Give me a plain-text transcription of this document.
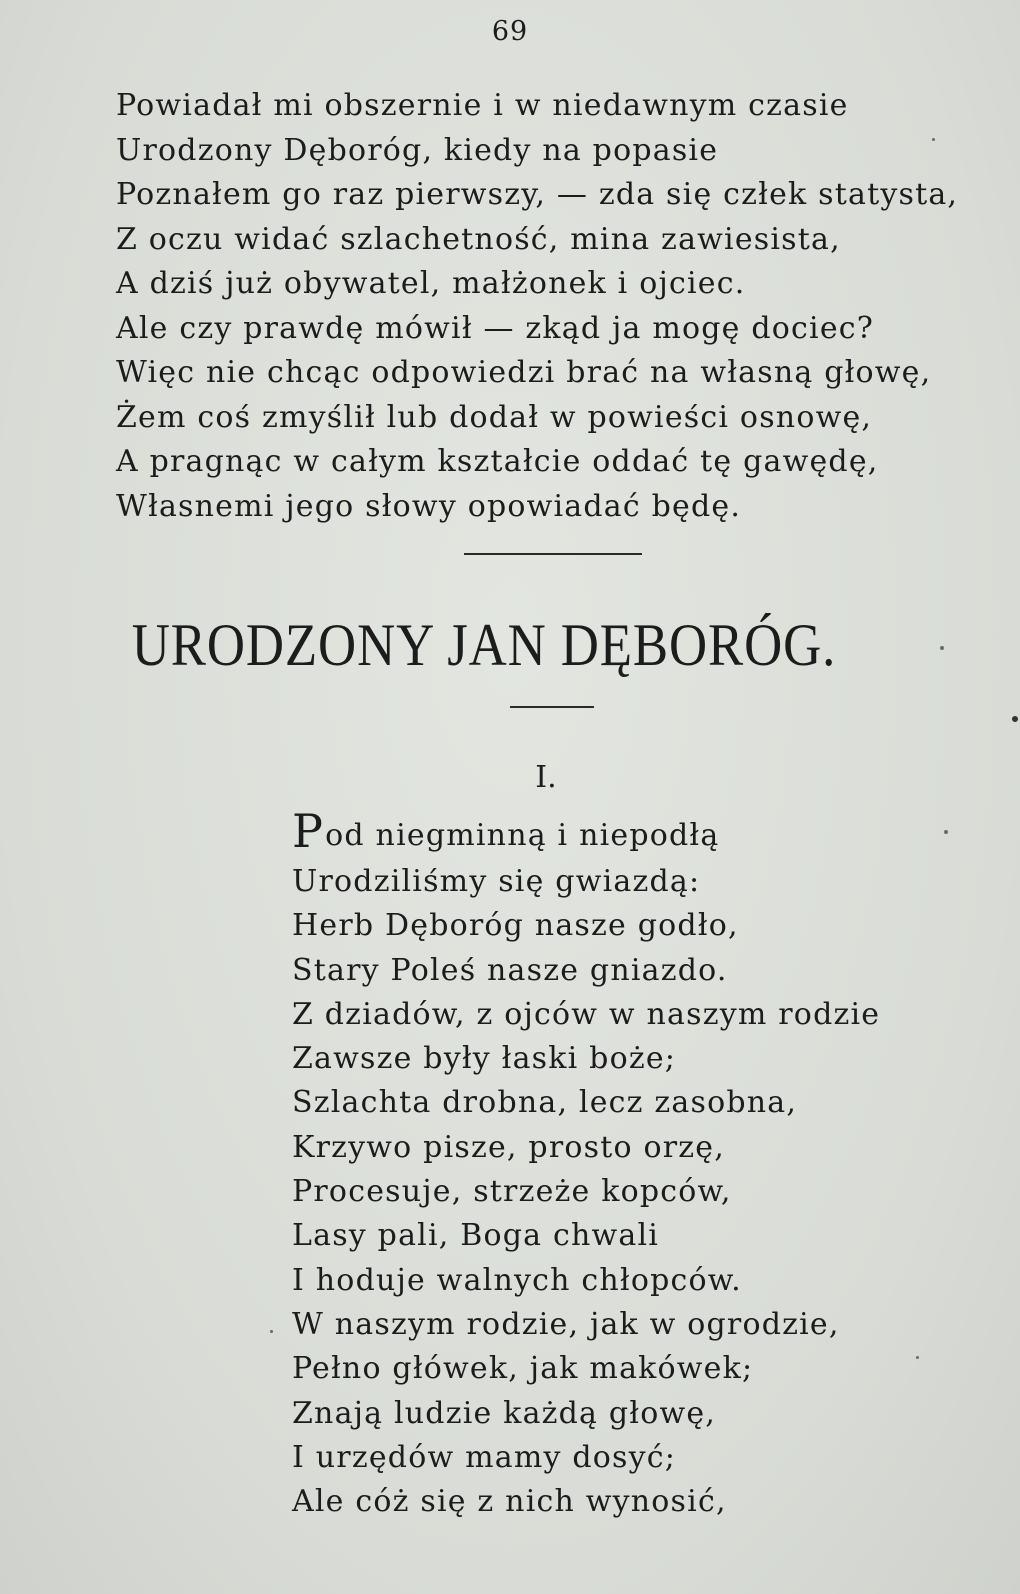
69
Powiadał mi obszernie i w niedawnym czasie
Urodzony Dęboróg, kiedy na popasie
Poznałem go raz pierwszy, — zda się człek statysta,
Z oczu widać szlachetność, mina zawiesista,
A dziś już obywatel, małżonek i ojciec.
Ale czy prawdę mówił — zkąd ja mogę dociec?
Więc nie chcąc odpowiedzi brać na własną głowę,
Żem coś zmyślił lub dodał w powieści osnowę,
A pragnąc w całym kształcie oddać tę gawędę,
Własnemi jego słowy opowiadać będę.
URODZONY JAN DĘBORÓG.
I.
Pod niegminną i niepodłą
Urodziliśmy się gwiazdą:
Herb Dęboróg nasze godło,
Stary Poleś nasze gniazdo.
Z dziadów, z ojców w naszym rodzie
Zawsze były łaski boże;
Szlachta drobna, lecz zasobna,
Krzywo pisze, prosto orzę,
Procesuje, strzeże kopców,
Lasy pali, Boga chwali
I hoduje walnych chłopców.
W naszym rodzie, jak w ogrodzie,
Pełno główek, jak makówek;
Znają ludzie każdą głowę,
I urzędów mamy dosyć;
Ale cóż się z nich wynosić,
